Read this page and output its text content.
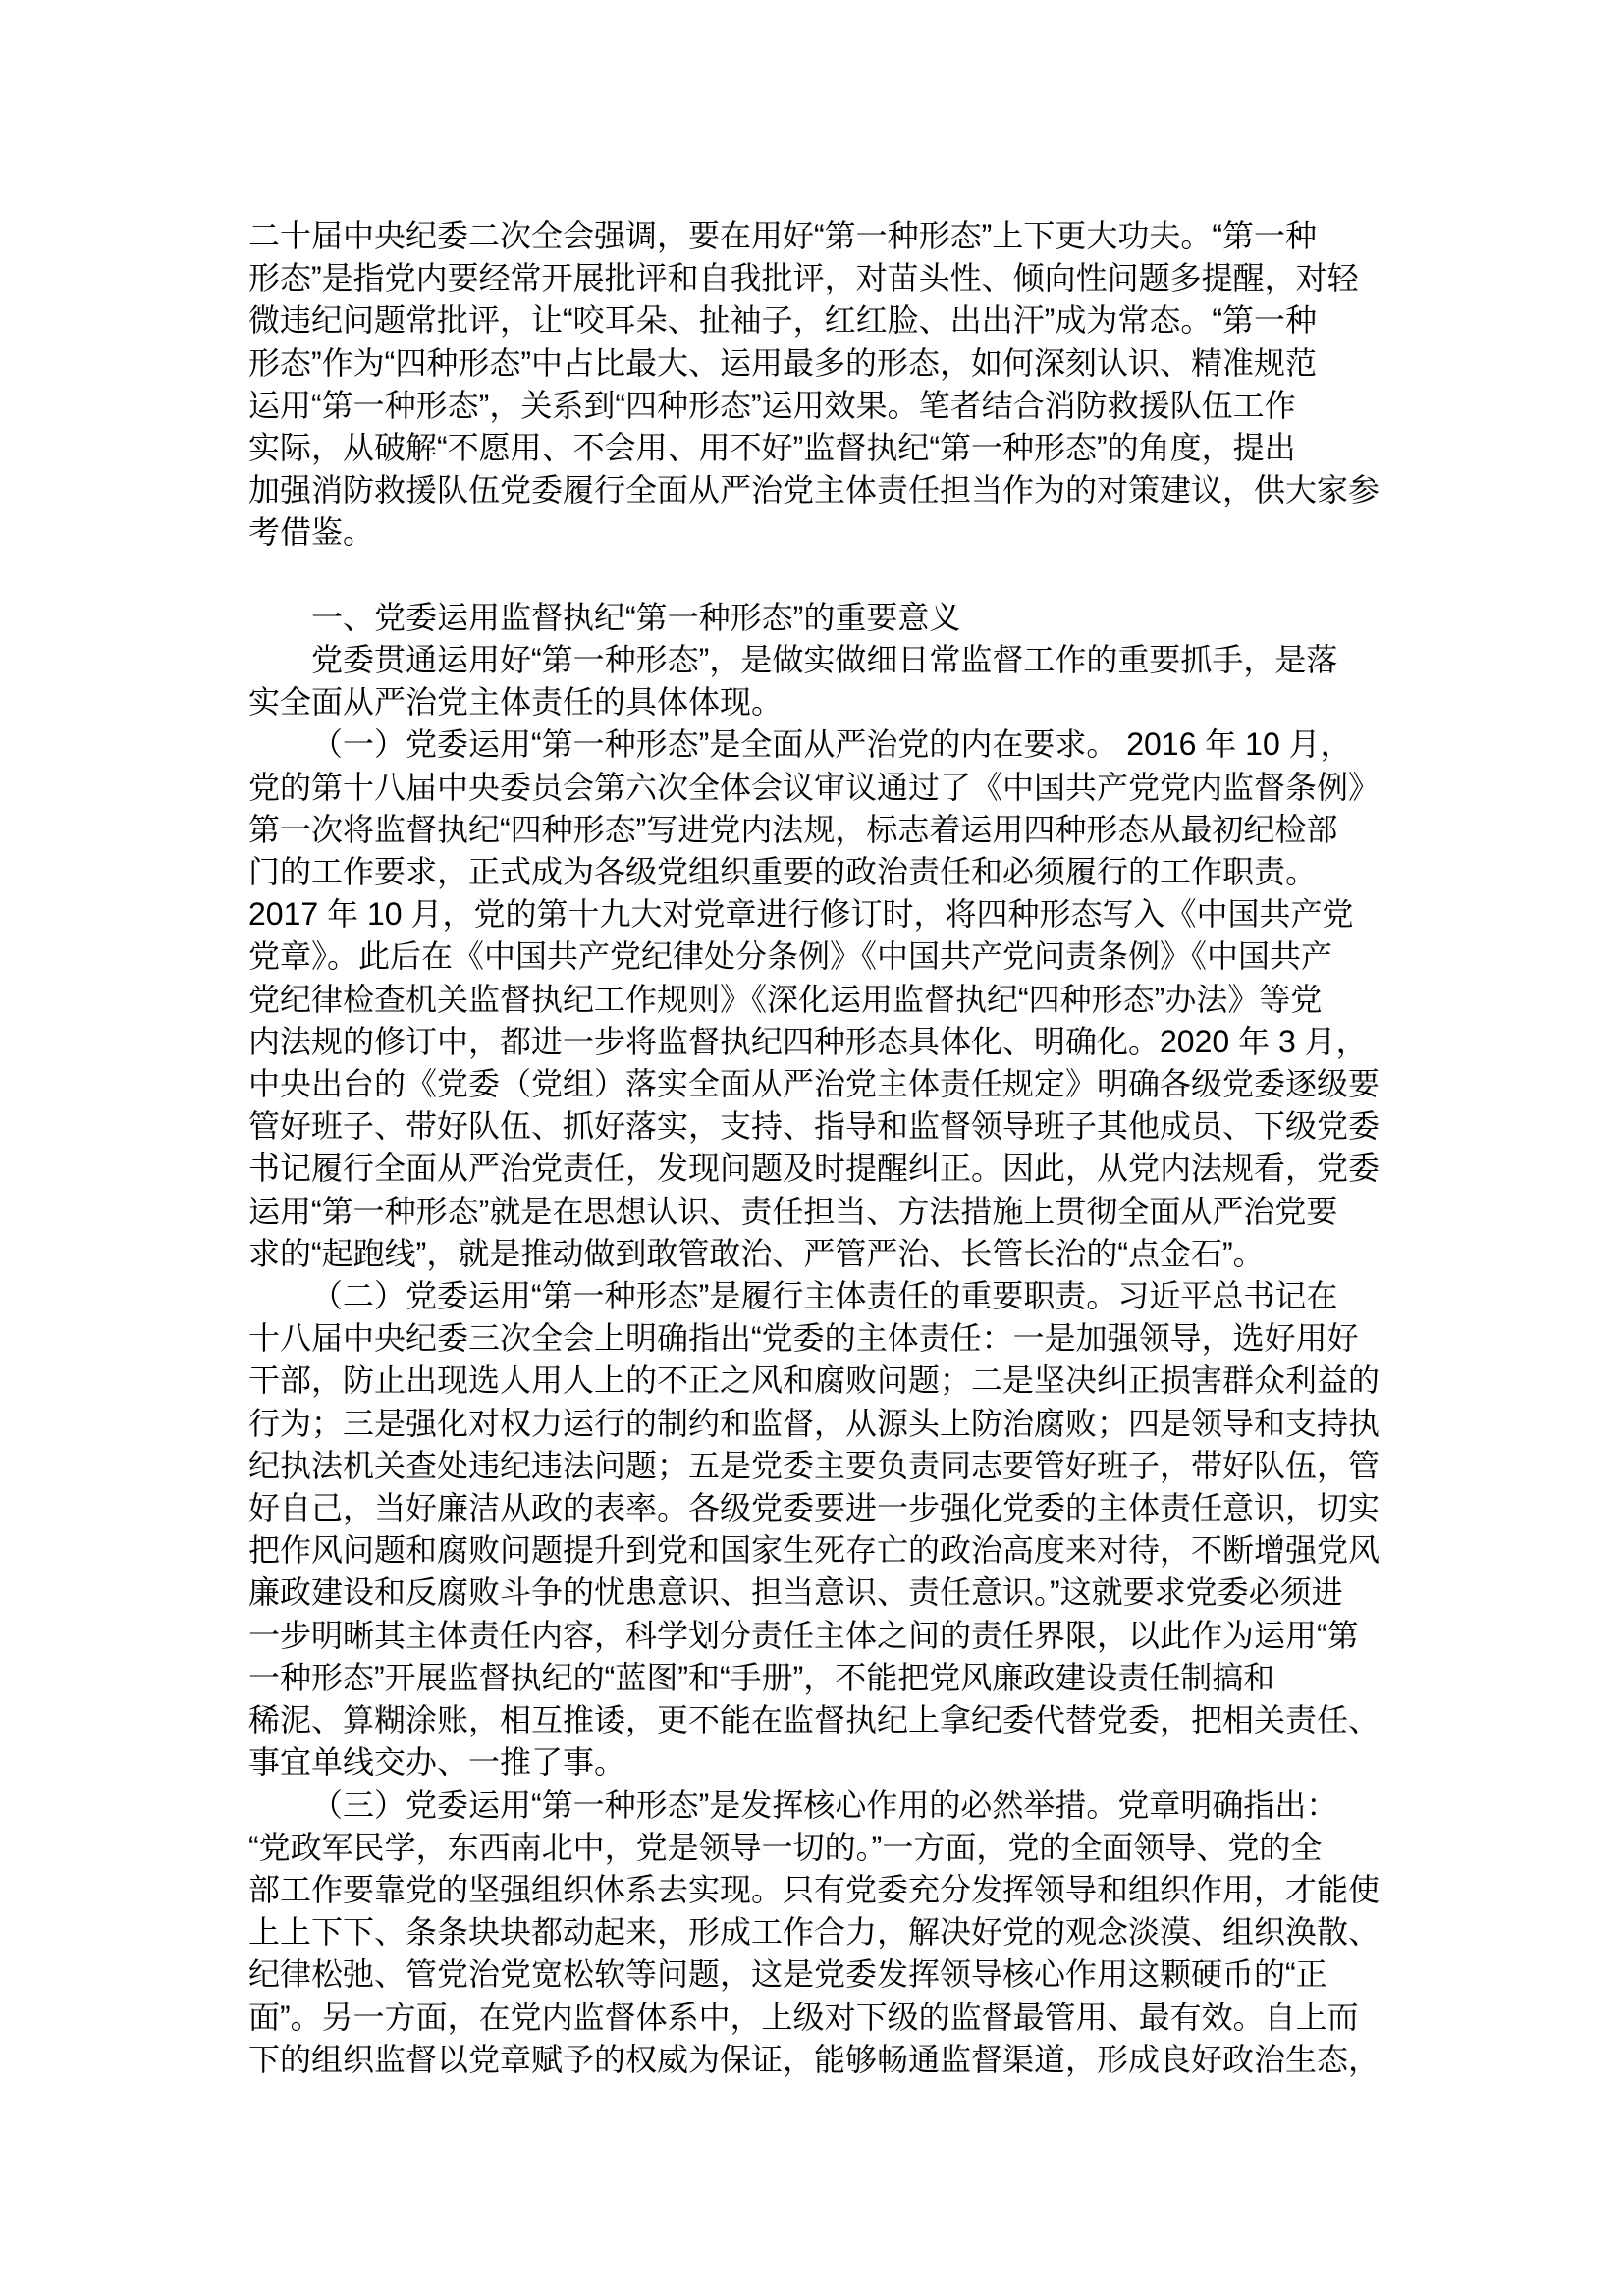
二十届中央纪委二次全会强调，要在用好“第一种形态”上下更大功夫。“第一种
形态”是指党内要经常开展批评和自我批评，对苗头性、倾向性问题多提醒，对轻
微违纪问题常批评，让“咬耳朵、扯袖子，红红脸、出出汗”成为常态。“第一种
形态”作为“四种形态”中占比最大、运用最多的形态，如何深刻认识、精准规范
运用“第一种形态”，关系到“四种形态”运用效果。笔者结合消防救援队伍工作
实际，从破解“不愿用、不会用、用不好”监督执纪“第一种形态”的角度，提出
加强消防救援队伍党委履行全面从严治党主体责任担当作为的对策建议，供大家参
考借鉴。
一、党委运用监督执纪“第一种形态”的重要意义
党委贯通运用好“第一种形态”，是做实做细日常监督工作的重要抓手，是落
实全面从严治党主体责任的具体体现。
（一）党委运用“第一种形态”是全面从严治党的内在要求。 2016 年 10 月，
党的第十八届中央委员会第六次全体会议审议通过了《中国共产党党内监督条例》
第一次将监督执纪“四种形态”写进党内法规，标志着运用四种形态从最初纪检部
门的工作要求，正式成为各级党组织重要的政治责任和必须履行的工作职责。
2017 年 10 月，党的第十九大对党章进行修订时，将四种形态写入《中国共产党
党章》。此后在《中国共产党纪律处分条例》《中国共产党问责条例》《中国共产
党纪律检查机关监督执纪工作规则》《深化运用监督执纪“四种形态”办法》等党
内法规的修订中，都进一步将监督执纪四种形态具体化、明确化。2020 年 3 月，
中央出台的《党委（党组）落实全面从严治党主体责任规定》明确各级党委逐级要
管好班子、带好队伍、抓好落实，支持、指导和监督领导班子其他成员、下级党委
书记履行全面从严治党责任，发现问题及时提醒纠正。因此，从党内法规看，党委
运用“第一种形态”就是在思想认识、责任担当、方法措施上贯彻全面从严治党要
求的“起跑线”，就是推动做到敢管敢治、严管严治、长管长治的“点金石”。
（二）党委运用“第一种形态”是履行主体责任的重要职责。习近平总书记在
十八届中央纪委三次全会上明确指出“党委的主体责任：一是加强领导，选好用好
干部，防止出现选人用人上的不正之风和腐败问题；二是坚决纠正损害群众利益的
行为；三是强化对权力运行的制约和监督，从源头上防治腐败；四是领导和支持执
纪执法机关查处违纪违法问题；五是党委主要负责同志要管好班子，带好队伍，管
好自己，当好廉洁从政的表率。各级党委要进一步强化党委的主体责任意识，切实
把作风问题和腐败问题提升到党和国家生死存亡的政治高度来对待，不断增强党风
廉政建设和反腐败斗争的忧患意识、担当意识、责任意识。”这就要求党委必须进
一步明晰其主体责任内容，科学划分责任主体之间的责任界限，以此作为运用“第
一种形态”开展监督执纪的“蓝图”和“手册”，不能把党风廉政建设责任制搞和
稀泥、算糊涂账，相互推诿，更不能在监督执纪上拿纪委代替党委，把相关责任、
事宜单线交办、一推了事。
（三）党委运用“第一种形态”是发挥核心作用的必然举措。党章明确指出：
“党政军民学，东西南北中，党是领导一切的。”一方面，党的全面领导、党的全
部工作要靠党的坚强组织体系去实现。只有党委充分发挥领导和组织作用，才能使
上上下下、条条块块都动起来，形成工作合力，解决好党的观念淡漠、组织涣散、
纪律松弛、管党治党宽松软等问题，这是党委发挥领导核心作用这颗硬币的“正
面”。另一方面，在党内监督体系中，上级对下级的监督最管用、最有效。自上而
下的组织监督以党章赋予的权威为保证，能够畅通监督渠道，形成良好政治生态，
